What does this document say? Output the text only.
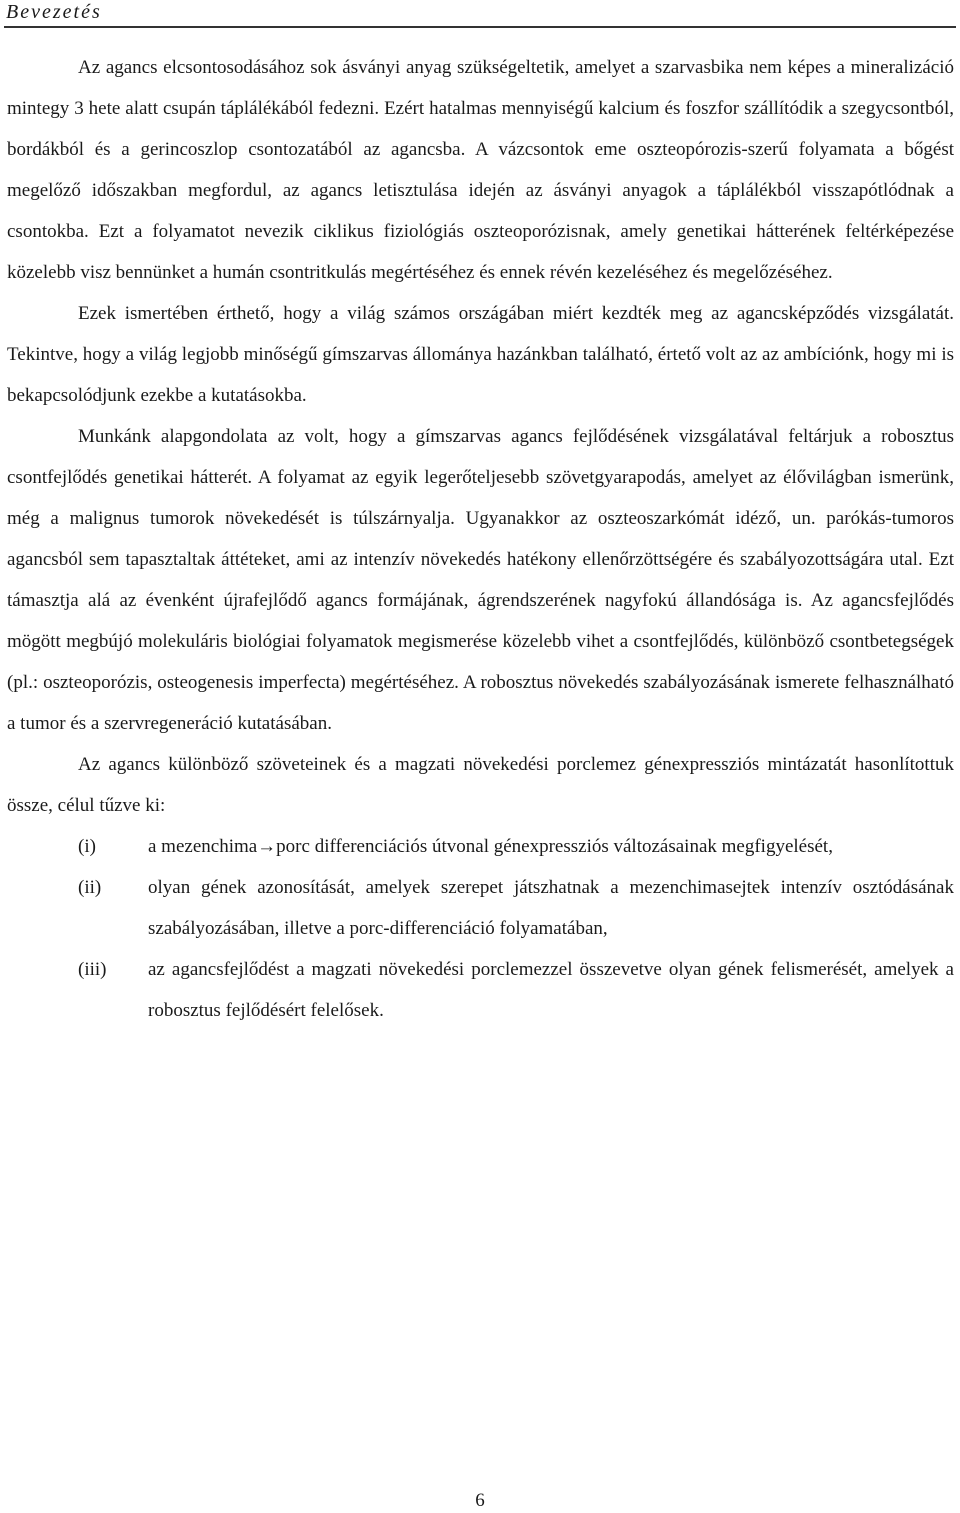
Bevezetés

Az agancs elcsontosodásához sok ásványi anyag szükségeltetik, amelyet a szarvasbika nem képes a mineralizáció mintegy 3 hete alatt csupán táplálékából fedezni. Ezért hatalmas mennyiségű kalcium és foszfor szállítódik a szegycsontból, bordákból és a gerincoszlop csontozatából az agancsba. A vázcsontok eme oszteopórozis-szerű folyamata a bőgést megelőző időszakban megfordul, az agancs letisztulása idején az ásványi anyagok a táplálékból visszapótlódnak a csontokba. Ezt a folyamatot nevezik ciklikus fiziológiás oszteoporózisnak, amely genetikai hátterének feltérképezése közelebb visz bennünket a humán csontritkulás megértéséhez és ennek révén kezeléséhez és megelőzéséhez.

Ezek ismertében érthető, hogy a világ számos országában miért kezdték meg az agancsképződés vizsgálatát. Tekintve, hogy a világ legjobb minőségű gímszarvas állománya hazánkban található, értető volt az az ambíciónk, hogy mi is bekapcsolódjunk ezekbe a kutatásokba.

Munkánk alapgondolata az volt, hogy a gímszarvas agancs fejlődésének vizsgálatával feltárjuk a robosztus csontfejlődés genetikai hátterét. A folyamat az egyik legerőteljesebb szövetgyarapodás, amelyet az élővilágban ismerünk, még a malignus tumorok növekedését is túlszárnyalja. Ugyanakkor az oszteoszarkómát idéző, un. parókás-tumoros agancsból sem tapasztaltak áttéteket, ami az intenzív növekedés hatékony ellenőrzöttségére és szabályozottságára utal. Ezt támasztja alá az évenként újrafejlődő agancs formájának, ágrendszerének nagyfokú állandósága is. Az agancsfejlődés mögött megbújó molekuláris biológiai folyamatok megismerése közelebb vihet a csontfejlődés, különböző csontbetegségek (pl.: oszteoporózis, osteogenesis imperfecta) megértéséhez. A robosztus növekedés szabályozásának ismerete felhasználható a tumor és a szervregeneráció kutatásában.

Az agancs különböző szöveteinek és a magzati növekedési porclemez génexpressziós mintázatát hasonlítottuk össze, célul tűzve ki:

(i)	a mezenchima→porc differenciációs útvonal génexpressziós változásainak megfigyelését,
(ii) olyan gének azonosítását, amelyek szerepet játszhatnak a mezenchimasejtek intenzív osztódásának szabályozásában, illetve a porc-differenciáció folyamatában,
(iii) az agancsfejlődést a magzati növekedési porclemezzel összevetve olyan gének felismerését, amelyek a robosztus fejlődésért felelősek.
6
